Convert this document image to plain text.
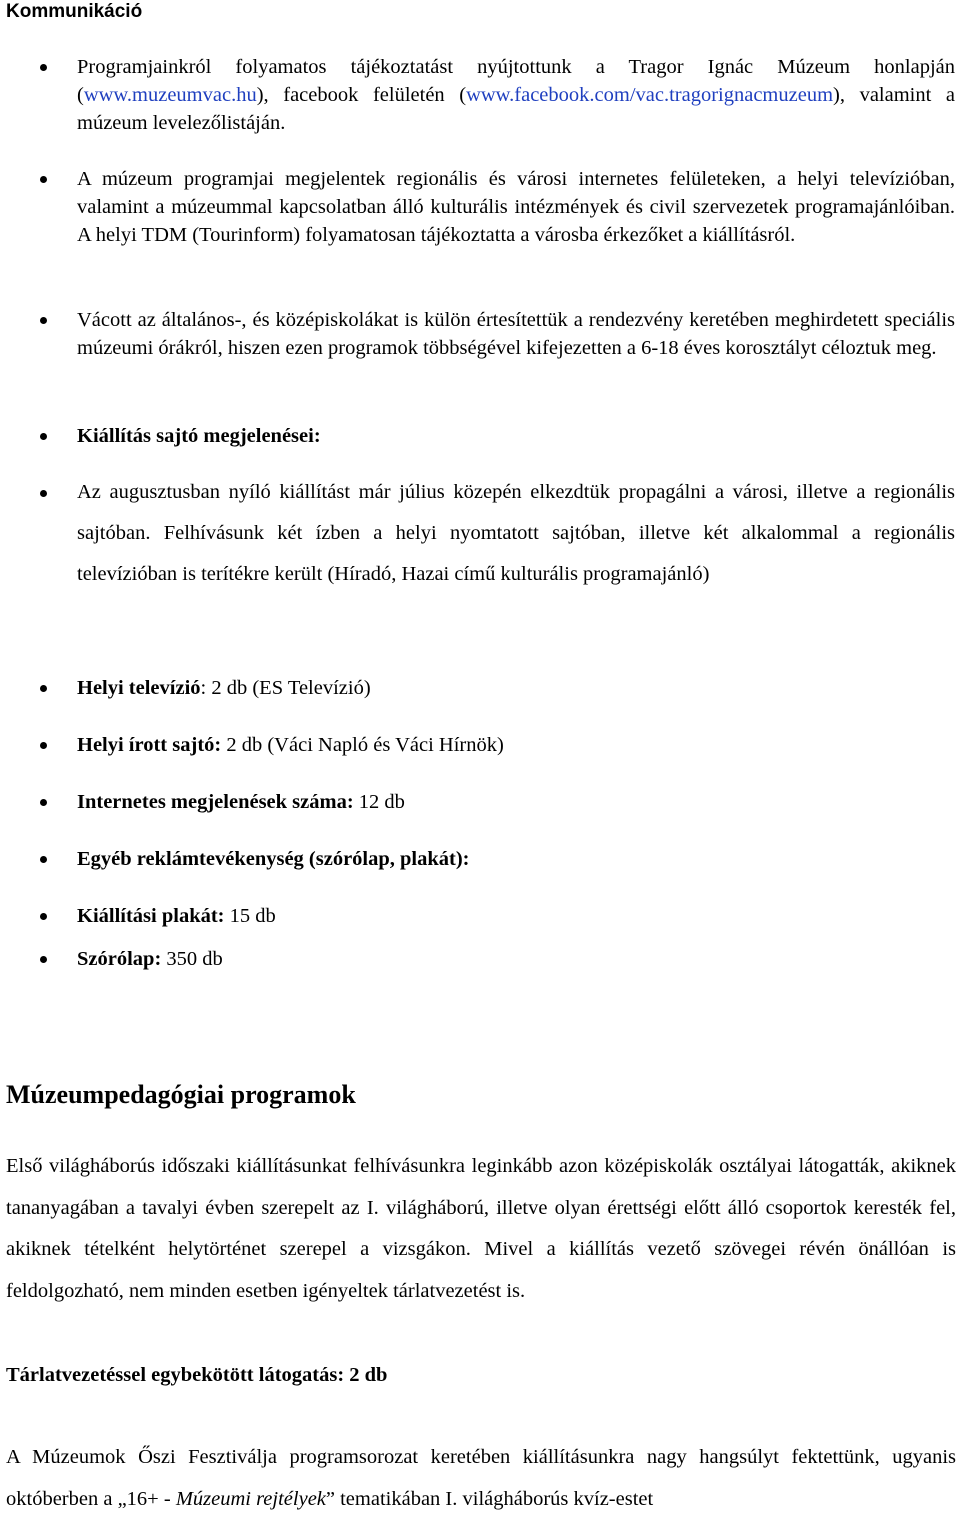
Kommunikáció
Programjainkról folyamatos tájékoztatást nyújtottunk a Tragor Ignác Múzeum honlapján (www.muzeumvac.hu), facebook felületén (www.facebook.com/vac.tragorignacmuzeum), valamint a múzeum levelezőlistáján.
A múzeum programjai megjelentek regionális és városi internetes felületeken, a helyi televízióban, valamint a múzeummal kapcsolatban álló kulturális intézmények és civil szervezetek programajánlóiban. A helyi TDM (Tourinform) folyamatosan tájékoztatta a városba érkezőket a kiállításról.
Vácott az általános-, és középiskolákat is külön értesítettük a rendezvény keretében meghirdetett speciális múzeumi órákról, hiszen ezen programok többségével kifejezetten a 6-18 éves korosztályt céloztuk meg.
Kiállítás sajtó megjelenései:
Az augusztusban nyíló kiállítást már július közepén elkezdtük propagálni a városi, illetve a regionális sajtóban. Felhívásunk két ízben a helyi nyomtatott sajtóban, illetve két alkalommal a regionális televízióban is terítékre került (Híradó, Hazai című kulturális programajánló)
Helyi televízió: 2 db (ES Televízió)
Helyi írott sajtó: 2 db (Váci Napló és Váci Hírnök)
Internetes megjelenések száma: 12 db
Egyéb reklámtevékenység (szórólap, plakát):
Kiállítási plakát: 15 db
Szórólap: 350 db
Múzeumpedagógiai programok
Első világháborús időszaki kiállításunkat felhívásunkra leginkább azon középiskolák osztályai látogatták, akiknek tananyagában a tavalyi évben szerepelt az I. világháború, illetve olyan érettségi előtt álló csoportok keresték fel, akiknek tételként helytörténet szerepel a vizsgákon. Mivel a kiállítás vezető szövegei révén önállóan is feldolgozható, nem minden esetben igényeltek tárlatvezetést is.
Tárlatvezetéssel egybekötött látogatás: 2 db
A Múzeumok Őszi Fesztiválja programsorozat keretében kiállításunkra nagy hangsúlyt fektettünk, ugyanis októberben a „16+ - Múzeumi rejtélyek” tematikában I. világháborús kvíz-estet
